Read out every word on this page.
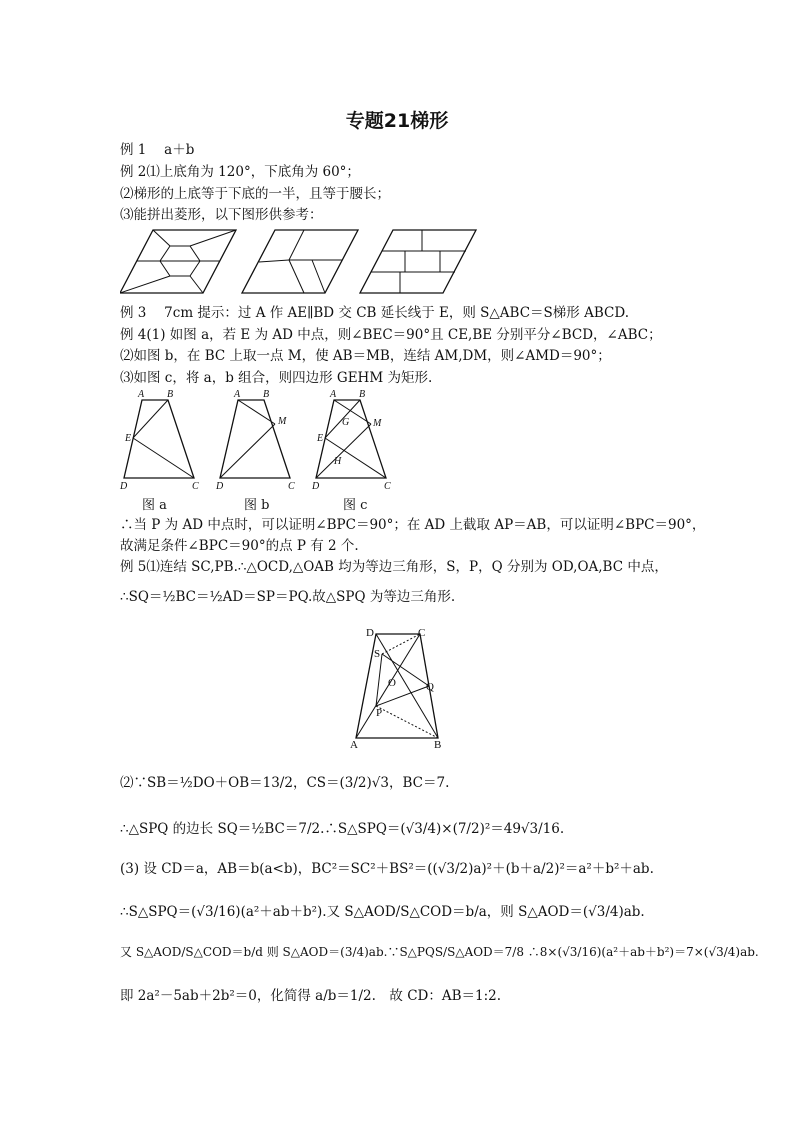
专题21梯形
例 1　 a＋b
例 2⑴上底角为 120°，下底角为 60°；
⑵梯形的上底等于下底的一半，且等于腰长；
⑶能拼出菱形，以下图形供参考：
例 3　 7cm 提示：过 A 作 AE∥BD 交 CB 延长线于 E，则 S△ABC＝S梯形 ABCD.
例 4(1) 如图 a，若 E 为 AD 中点，则∠BEC＝90°且 CE,BE 分别平分∠BCD，∠ABC；
⑵如图 b，在 BC 上取一点 M，使 AB＝MB，连结 AM,DM，则∠AMD＝90°；
⑶如图 c，将 a，b 组合，则四边形 GEHM 为矩形.
A B
E
D	C
A B
M
D	C
A B
E
G M
H
D	C
图 a	图 b	图 c
∴当 P 为 AD 中点时，可以证明∠BPC＝90°；在 AD 上截取 AP＝AB，可以证明∠BPC＝90°，
故满足条件∠BPC＝90°的点 P 有 2 个.
例 5⑴连结 SC,PB.∴△OCD,△OAB 均为等边三角形，S，P，Q 分别为 OD,OA,BC 中点，
∴SQ＝½BC＝½AD＝SP＝PQ.故△SPQ 为等边三角形.
D	C
S
O	Q
P
A	B
⑵∵SB＝½DO＋OB＝13/2，CS＝(3/2)√3，BC＝7.
∴△SPQ 的边长 SQ＝½BC＝7/2.∴S△SPQ＝(√3/4)×(7/2)²＝49√3/16.
(3) 设 CD＝a，AB＝b(a<b)，BC²＝SC²＋BS²＝((√3/2)a)²＋(b＋a/2)²＝a²＋b²＋ab.
∴S△SPQ＝(√3/16)(a²＋ab＋b²).又 S△AOD/S△COD＝b/a，则 S△AOD＝(√3/4)ab.
又 S△AOD/S△COD＝b/d 则 S△AOD＝(3/4)ab.∵S△PQS/S△AOD＝7/8 ∴8×(√3/16)(a²＋ab＋b²)＝7×(√3/4)ab.
即 2a²－5ab＋2b²＝0，化简得 a/b＝1/2.　故 CD：AB＝1:2.
